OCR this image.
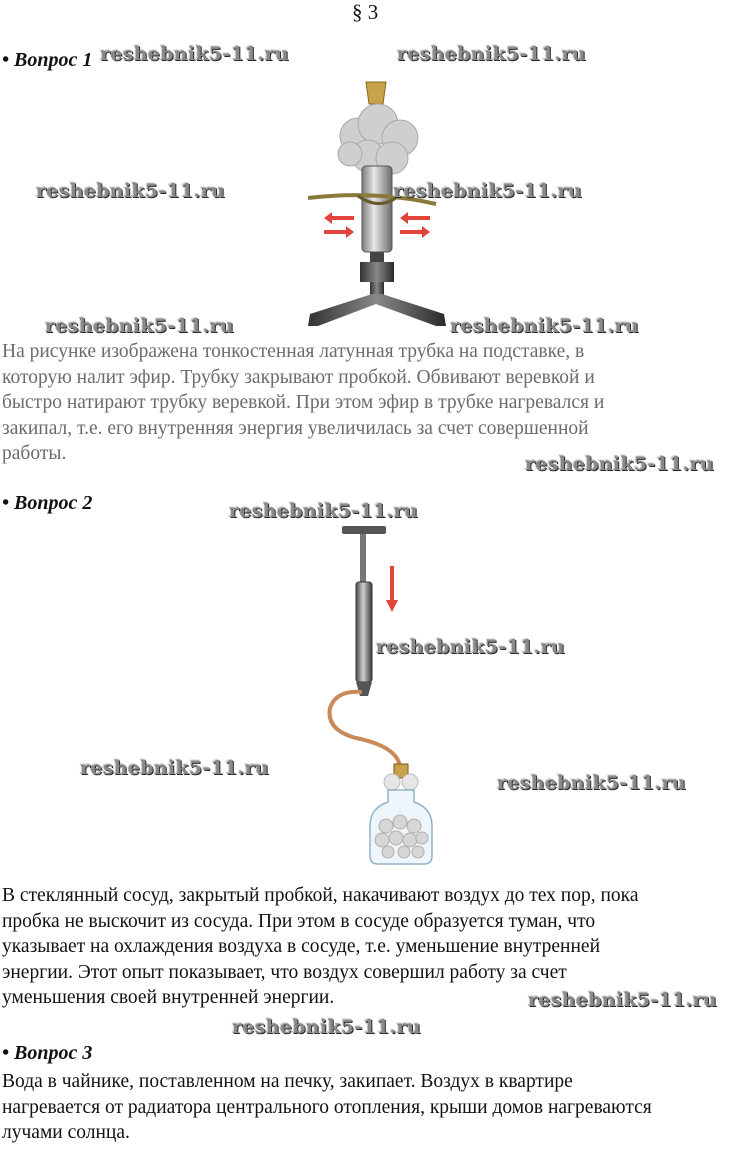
§ 3
• Вопрос 1
На рисунке изображена тонкостенная латунная трубка на подставке, в
которую налит эфир. Трубку закрывают пробкой. Обвивают веревкой и
быстро натирают трубку веревкой. При этом эфир в трубке нагревался и
закипал, т.е. его внутренняя энергия увеличилась за счет совершенной
работы.
• Вопрос 2
В стеклянный сосуд, закрытый пробкой, накачивают воздух до тех пор, пока
пробка не выскочит из сосуда. При этом в сосуде образуется туман, что
указывает на охлаждения воздуха в сосуде, т.е. уменьшение внутренней
энергии. Этот опыт показывает, что воздух совершил работу за счет
уменьшения своей внутренней энергии.
• Вопрос 3
Вода в чайнике, поставленном на печку, закипает. Воздух в квартире
нагревается от радиатора центрального отопления, крыши домов нагреваются
лучами солнца.
reshebnik5-11.ru	reshebnik5-11.ru
reshebnik5-11.ru	reshebnik5-11.ru
reshebnik5-11.ru	reshebnik5-11.ru
reshebnik5-11.ru
reshebnik5-11.ru
reshebnik5-11.ru
reshebnik5-11.ru
reshebnik5-11.ru
reshebnik5-11.ru
reshebnik5-11.ru
